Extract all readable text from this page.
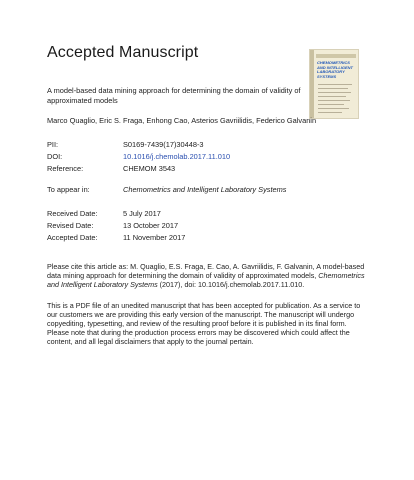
Accepted Manuscript
CHEMOMETRICS
AND INTELLIGENT
LABORATORY
SYSTEMS
A model-based data mining approach for determining the domain of validity of approximated models
Marco Quaglio, Eric S. Fraga, Enhong Cao, Asterios Gavriilidis, Federico Galvanin
PII:	S0169-7439(17)30448-3
DOI:	10.1016/j.chemolab.2017.11.010
Reference:	CHEMOM 3543
To appear in:	Chemometrics and Intelligent Laboratory Systems
Received Date:	5 July 2017
Revised Date:	13 October 2017
Accepted Date:	11 November 2017
Please cite this article as: M. Quaglio, E.S. Fraga, E. Cao, A. Gavriilidis, F. Galvanin, A model-based data mining approach for determining the domain of validity of approximated models, Chemometrics and Intelligent Laboratory Systems (2017), doi: 10.1016/j.chemolab.2017.11.010.
This is a PDF file of an unedited manuscript that has been accepted for publication. As a service to our customers we are providing this early version of the manuscript. The manuscript will undergo copyediting, typesetting, and review of the resulting proof before it is published in its final form. Please note that during the production process errors may be discovered which could affect the content, and all legal disclaimers that apply to the journal pertain.
